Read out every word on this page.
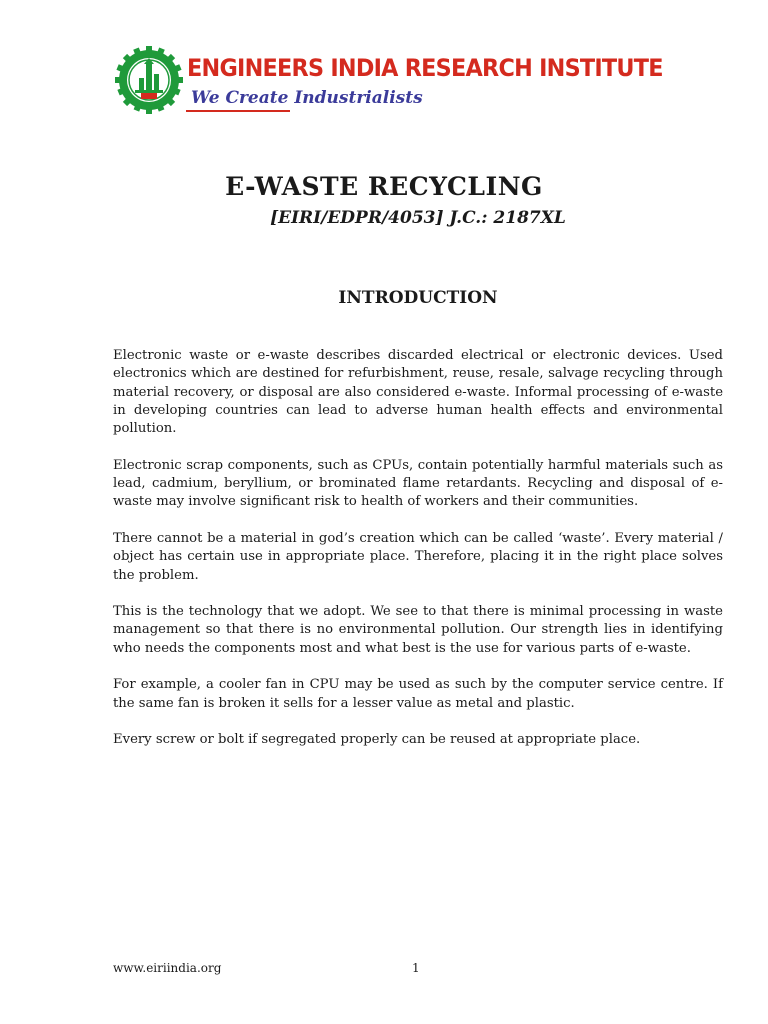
ENGINEERS INDIA RESEARCH INSTITUTE
We Create Industrialists
E-WASTE RECYCLING
[EIRI/EDPR/4053] J.C.: 2187XL
INTRODUCTION

Electronic waste or e-waste describes discarded electrical or electronic devices. Used electronics which are destined for refurbishment, reuse, resale, salvage recycling through material recovery, or disposal are also considered e-waste. Informal processing of e-waste in developing countries can lead to adverse human health effects and environmental pollution.

Electronic scrap components, such as CPUs, contain potentially harmful materials such as lead, cadmium, beryllium, or brominated flame retardants. Recycling and disposal of e-waste may involve significant risk to health of workers and their communities.

There cannot be a material in god’s creation which can be called ‘waste’. Every material / object has certain use in appropriate place. Therefore, placing it in the right place solves the problem.

This is the technology that we adopt. We see to that there is minimal processing in waste management so that there is no environmental pollution. Our strength lies in identifying who needs the components most and what best is the use for various parts of e-waste.

For example, a cooler fan in CPU may be used as such by the computer service centre. If the same fan is broken it sells for a lesser value as metal and plastic.

Every screw or bolt if segregated properly can be reused at appropriate place.

www.eiriindia.org	1
